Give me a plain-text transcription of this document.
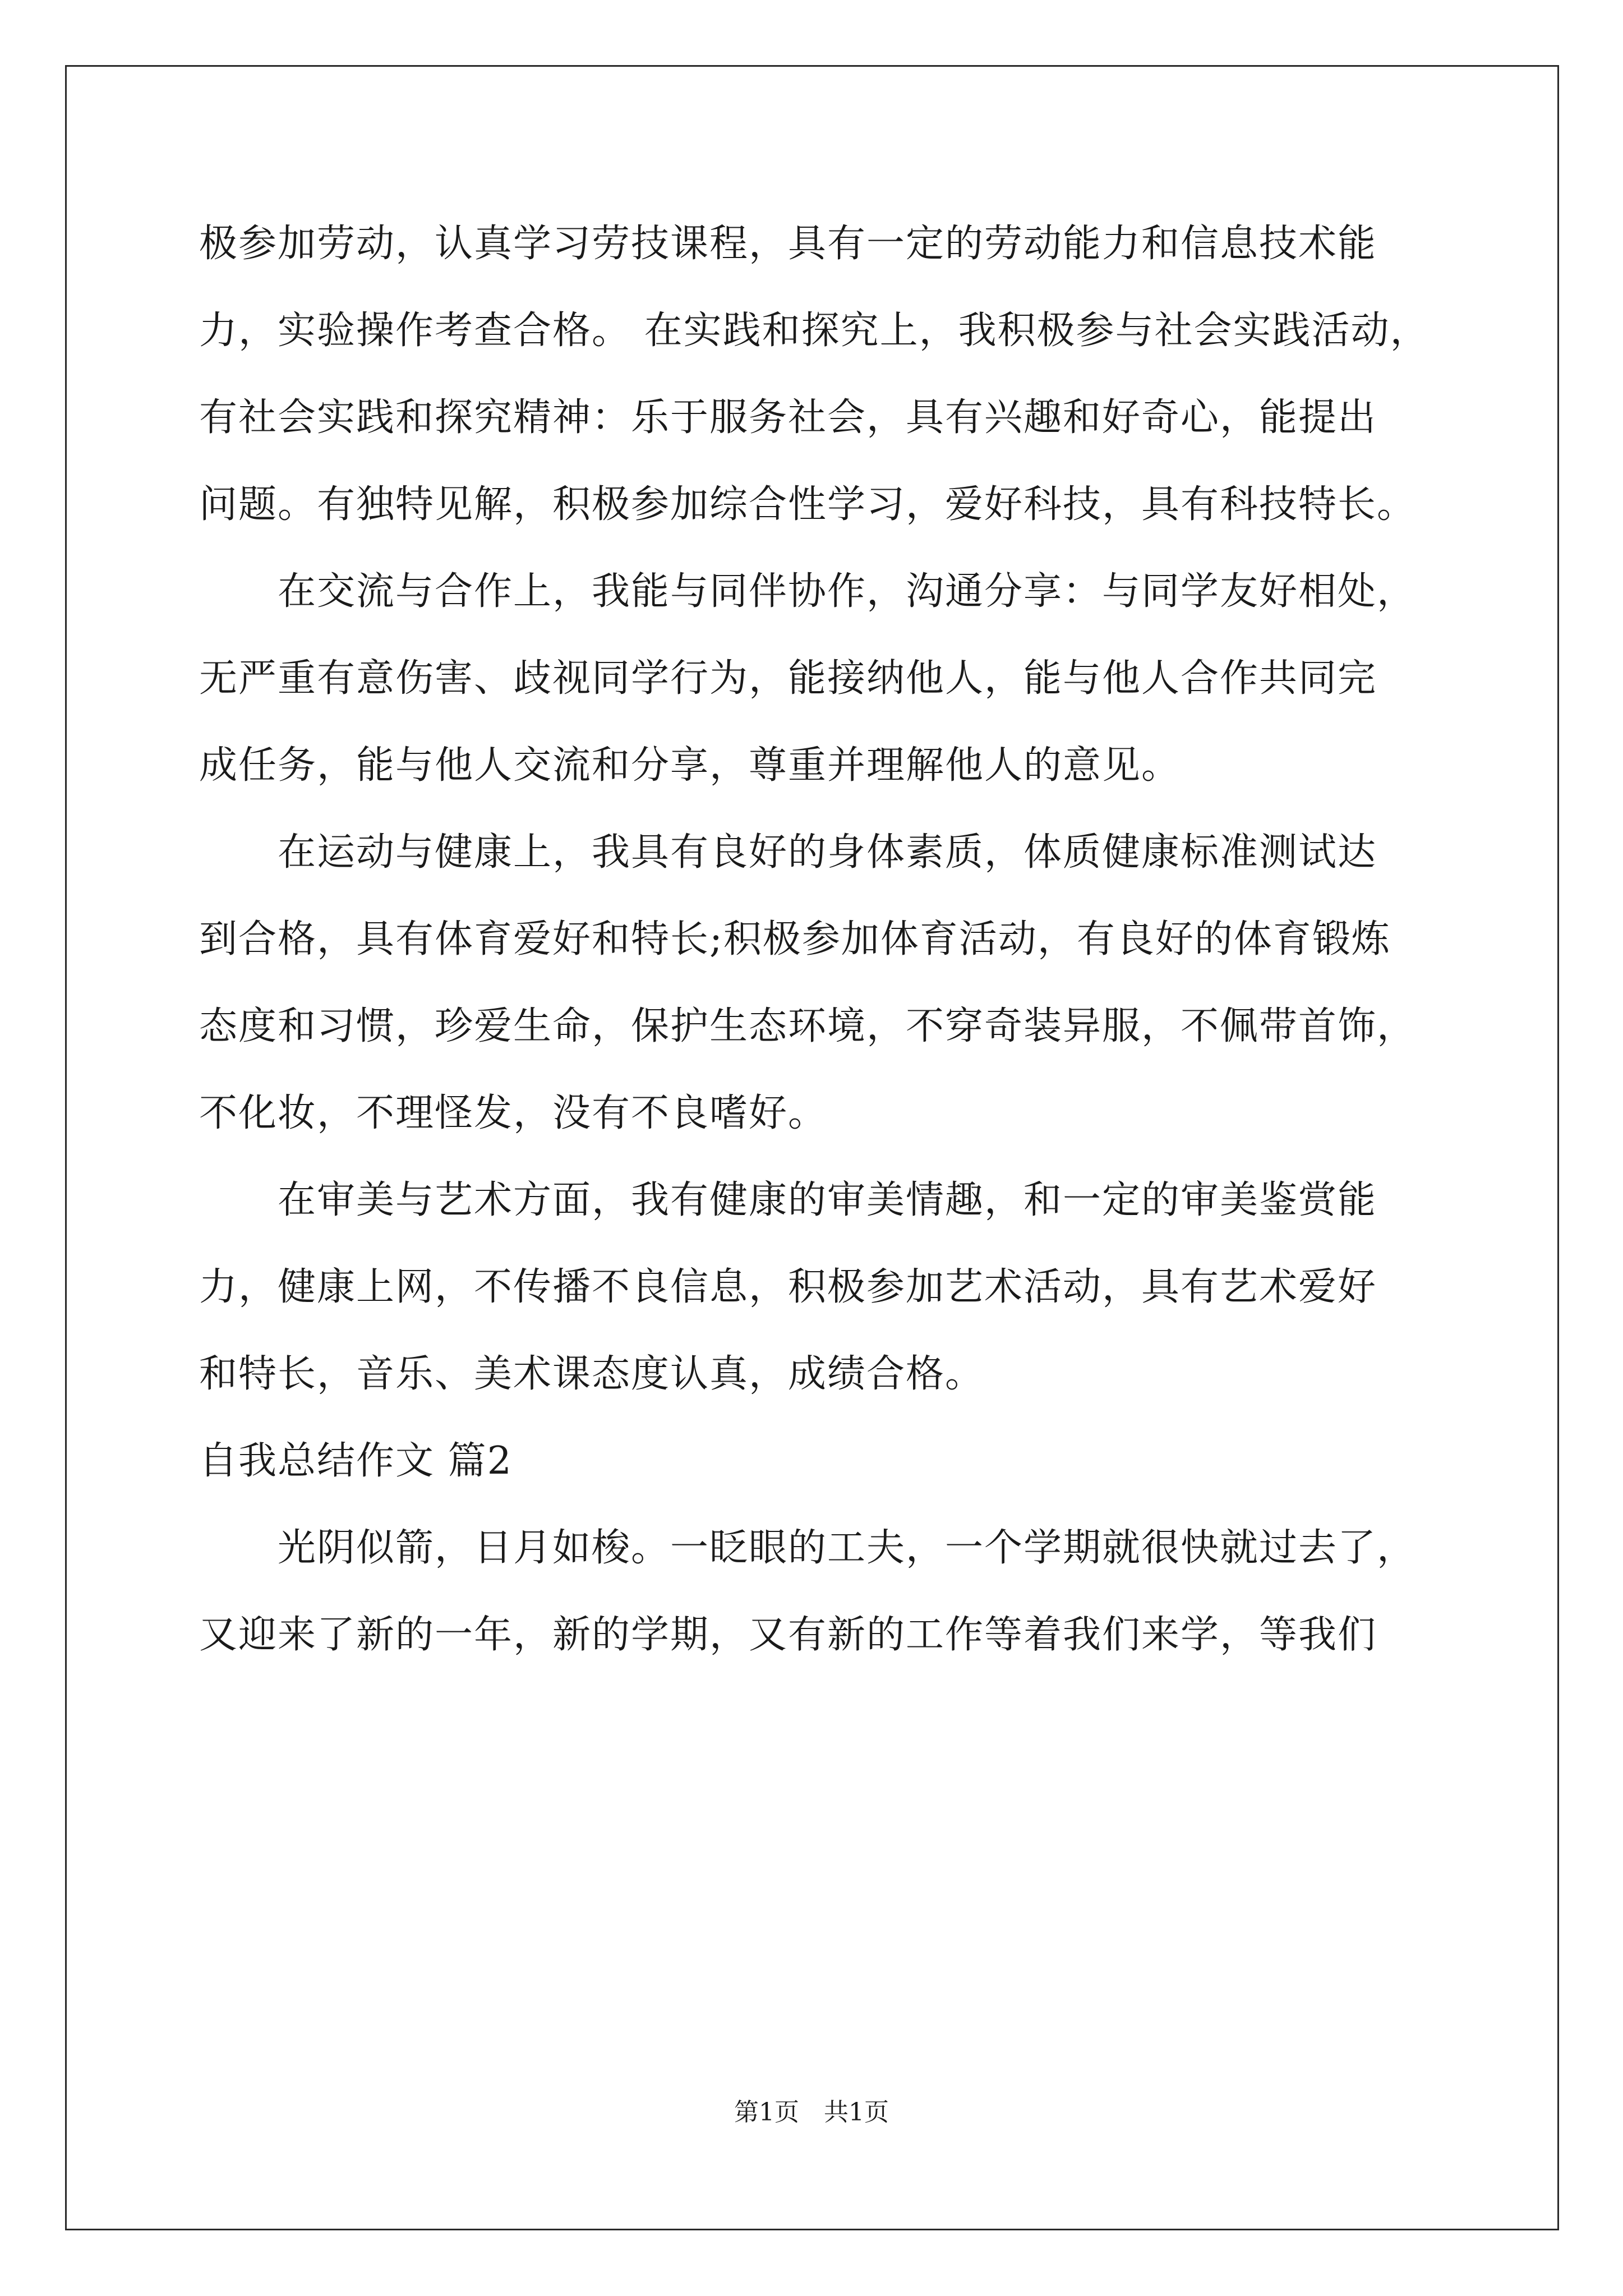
极参加劳动，认真学习劳技课程，具有一定的劳动能力和信息技术能
力，实验操作考查合格。 在实践和探究上，我积极参与社会实践活动，
有社会实践和探究精神：乐于服务社会，具有兴趣和好奇心，能提出
问题。有独特见解，积极参加综合性学习，爱好科技，具有科技特长。
在交流与合作上，我能与同伴协作，沟通分享：与同学友好相处，
无严重有意伤害、歧视同学行为，能接纳他人，能与他人合作共同完
成任务，能与他人交流和分享，尊重并理解他人的意见。
在运动与健康上，我具有良好的身体素质，体质健康标准测试达
到合格，具有体育爱好和特长;积极参加体育活动，有良好的体育锻炼
态度和习惯，珍爱生命，保护生态环境，不穿奇装异服，不佩带首饰，
不化妆，不理怪发，没有不良嗜好。
在审美与艺术方面，我有健康的审美情趣，和一定的审美鉴赏能
力，健康上网，不传播不良信息，积极参加艺术活动，具有艺术爱好
和特长，音乐、美术课态度认真，成绩合格。
自我总结作文 篇2
光阴似箭，日月如梭。一眨眼的工夫，一个学期就很快就过去了，
又迎来了新的一年，新的学期，又有新的工作等着我们来学，等我们
第1页　共1页
